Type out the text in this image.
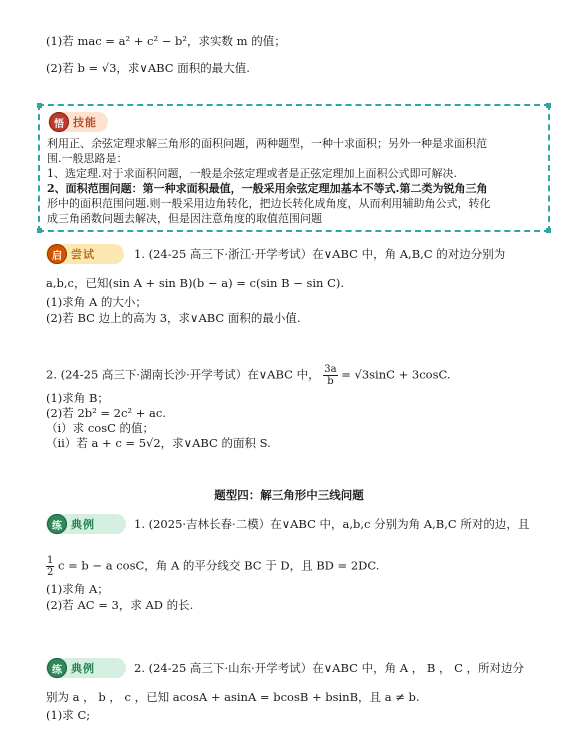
(1)若 mac = a² + c² − b²，求实数 m 的值；
(2)若 b = √3，求∨ABC 面积的最大值.
悟 技能
利用正、余弦定理求解三角形的面积问题，两种题型，一种十求面积；另外一种是求面积范
围.一般思路是：
1、选定理.对于求面积问题，一般是余弦定理或者是正弦定理加上面积公式即可解决.
2、面积范围问题：第一种求面积最值，一般采用余弦定理加基本不等式.第二类为锐角三角
形中的面积范围问题.则一般采用边角转化，把边长转化成角度，从而利用辅助角公式，转化
成三角函数问题去解决，但是因注意角度的取值范围问题
启 尝试	1. (24-25 高三下·浙江·开学考试）在∨ABC 中，角 A,B,C 的对边分别为
a,b,c，已知(sin A + sin B)(b − a) = c(sin B − sin C).
(1)求角 A 的大小；
(2)若 BC 边上的高为 3，求∨ABC 面积的最小值.
2. (24-25 高三下·湖南长沙·开学考试）在∨ABC 中， $\frac{3a}{b} = √3\sin C + 3\cos C$.
(1)求角 B；
(2)若 2b² = 2c² + ac.
（i）求 cosC 的值；
（ii）若 a + c = 5√2，求∨ABC 的面积 S.
题型四：解三角形中三线问题
练 典例	1. (2025·吉林长春·二模）在∨ABC 中，a,b,c 分别为角 A,B,C 所对的边，且
$\frac{1}{2}$ c = b − a cosC，角 A 的平分线交 BC 于 D，且 BD = 2DC.
(1)求角 A；
(2)若 AC = 3，求 AD 的长.
练 典例	2. (24-25 高三下·山东·开学考试）在∨ABC 中，角 A ， B ， C ，所对边分
别为 a ， b ， c ，已知 acosA + asinA = bcosB + bsinB，且 a ≠ b.
(1)求 C;
